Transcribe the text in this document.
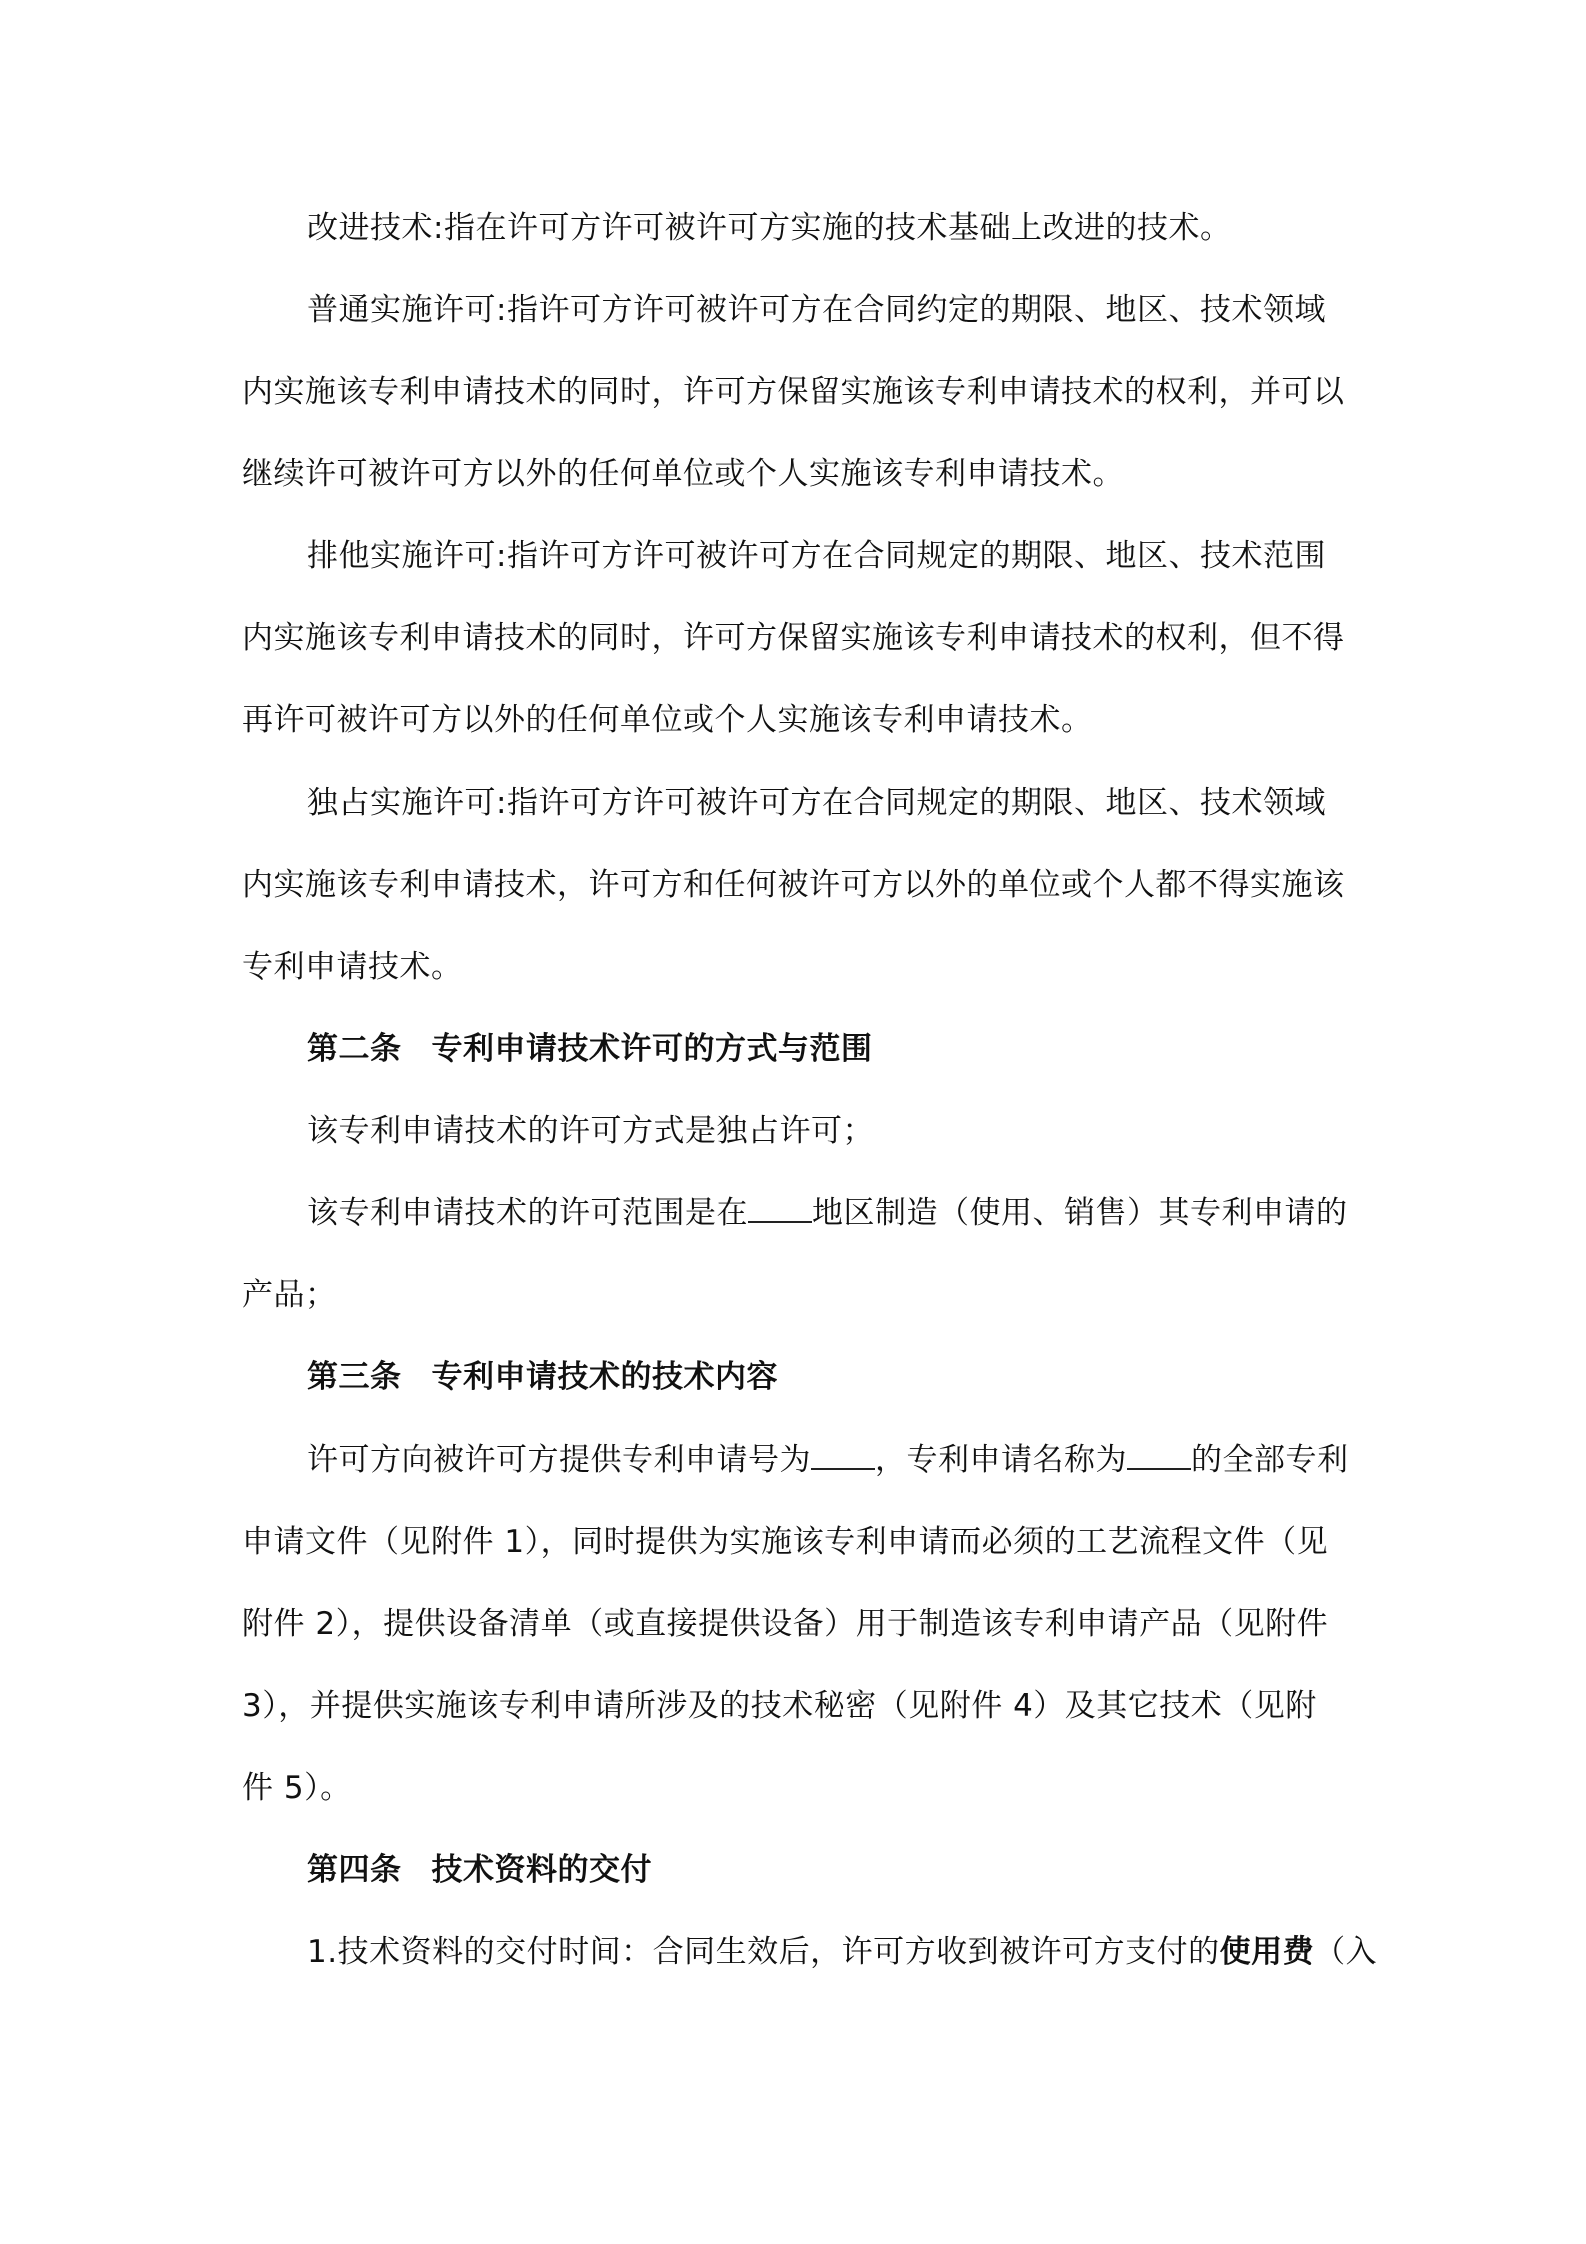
改进技术:指在许可方许可被许可方实施的技术基础上改进的技术。
普通实施许可:指许可方许可被许可方在合同约定的期限、地区、技术领域
内实施该专利申请技术的同时，许可方保留实施该专利申请技术的权利，并可以
继续许可被许可方以外的任何单位或个人实施该专利申请技术。
排他实施许可:指许可方许可被许可方在合同规定的期限、地区、技术范围
内实施该专利申请技术的同时，许可方保留实施该专利申请技术的权利，但不得
再许可被许可方以外的任何单位或个人实施该专利申请技术。
独占实施许可:指许可方许可被许可方在合同规定的期限、地区、技术领域
内实施该专利申请技术，许可方和任何被许可方以外的单位或个人都不得实施该
专利申请技术。
第二条 专利申请技术许可的方式与范围
该专利申请技术的许可方式是独占许可；
该专利申请技术的许可范围是在 地区制造（使用、销售）其专利申请的
产品；
第三条 专利申请技术的技术内容
许可方向被许可方提供专利申请号为 ，专利申请名称为 的全部专利
申请文件（见附件 1），同时提供为实施该专利申请而必须的工艺流程文件（见
附件 2），提供设备清单（或直接提供设备）用于制造该专利申请产品（见附件
3），并提供实施该专利申请所涉及的技术秘密（见附件 4）及其它技术（见附
件 5）。
第四条 技术资料的交付
1.技术资料的交付时间：合同生效后，许可方收到被许可方支付的使用费（入
